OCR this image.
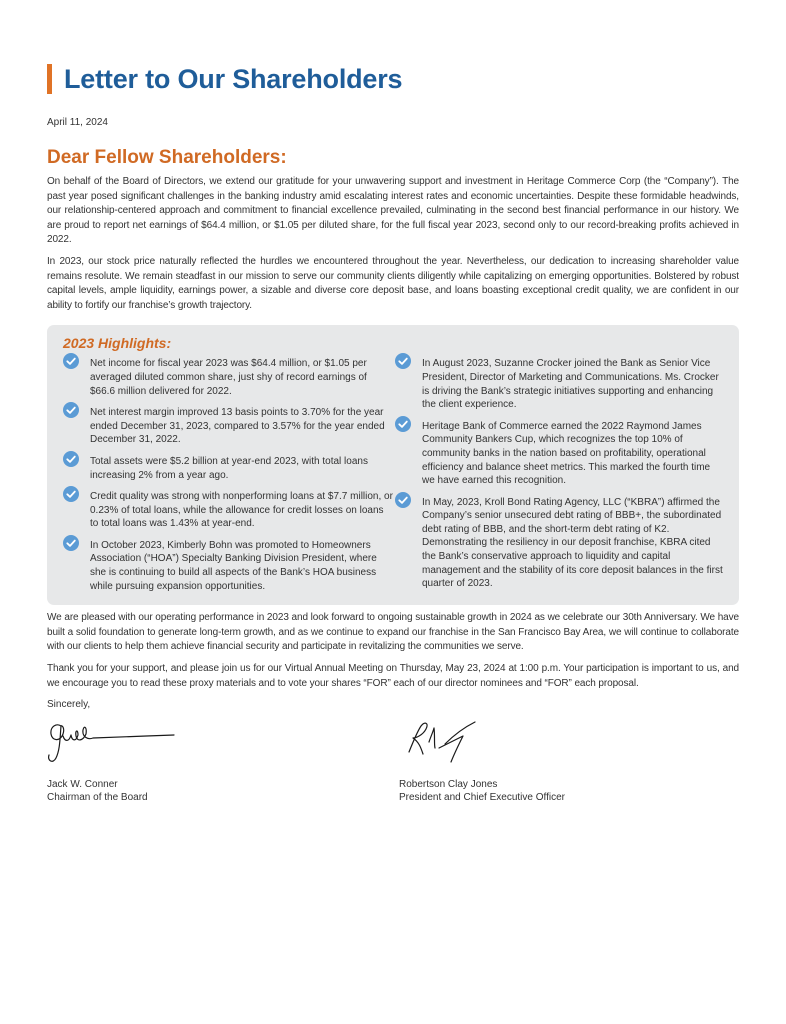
Letter to Our Shareholders
April 11, 2024
Dear Fellow Shareholders:

On behalf of the Board of Directors, we extend our gratitude for your unwavering support and investment in Heritage Commerce Corp (the “Company”). The past year posed significant challenges in the banking industry amid escalating interest rates and economic uncertainties. Despite these formidable headwinds, our relationship-centered approach and commitment to financial excellence prevailed, culminating in the second best financial performance in our history. We are proud to report net earnings of $64.4 million, or $1.05 per diluted share, for the full fiscal year 2023, second only to our record-breaking profits achieved in 2022.

In 2023, our stock price naturally reflected the hurdles we encountered throughout the year. Nevertheless, our dedication to increasing shareholder value remains resolute. We remain steadfast in our mission to serve our community clients diligently while capitalizing on emerging opportunities. Bolstered by robust capital levels, ample liquidity, earnings power, a sizable and diverse core deposit base, and loans boasting exceptional credit quality, we are confident in our ability to fortify our franchise’s growth trajectory.

2023 Highlights:
Net income for fiscal year 2023 was $64.4 million, or $1.05 per averaged diluted common share, just shy of record earnings of $66.6 million delivered for 2022.
Net interest margin improved 13 basis points to 3.70% for the year ended December 31, 2023, compared to 3.57% for the year ended December 31, 2022.
Total assets were $5.2 billion at year-end 2023, with total loans increasing 2% from a year ago.
Credit quality was strong with nonperforming loans at $7.7 million, or 0.23% of total loans, while the allowance for credit losses on loans to total loans was 1.43% at year-end.
In October 2023, Kimberly Bohn was promoted to Homeowners Association (“HOA”) Specialty Banking Division President, where she is continuing to build all aspects of the Bank’s HOA business while pursuing expansion opportunities.
In August 2023, Suzanne Crocker joined the Bank as Senior Vice President, Director of Marketing and Communications. Ms. Crocker is driving the Bank’s strategic initiatives supporting and enhancing the client experience.
Heritage Bank of Commerce earned the 2022 Raymond James Community Bankers Cup, which recognizes the top 10% of community banks in the nation based on profitability, operational efficiency and balance sheet metrics. This marked the fourth time we have earned this recognition.
In May, 2023, Kroll Bond Rating Agency, LLC (“KBRA”) affirmed the Company’s senior unsecured debt rating of BBB+, the subordinated debt rating of BBB, and the short-term debt rating of K2. Demonstrating the resiliency in our deposit franchise, KBRA cited the Bank’s conservative approach to liquidity and capital management and the stability of its core deposit balances in the first quarter of 2023.

We are pleased with our operating performance in 2023 and look forward to ongoing sustainable growth in 2024 as we celebrate our 30th Anniversary. We have built a solid foundation to generate long-term growth, and as we continue to expand our franchise in the San Francisco Bay Area, we will continue to collaborate with our clients to help them achieve financial security and participate in revitalizing the communities we serve.

Thank you for your support, and please join us for our Virtual Annual Meeting on Thursday, May 23, 2024 at 1:00 p.m. Your participation is important to us, and we encourage you to read these proxy materials and to vote your shares “FOR” each of our director nominees and “FOR” each proposal.

Sincerely,
Jack W. Conner
Chairman of the Board
Robertson Clay Jones
President and Chief Executive Officer
